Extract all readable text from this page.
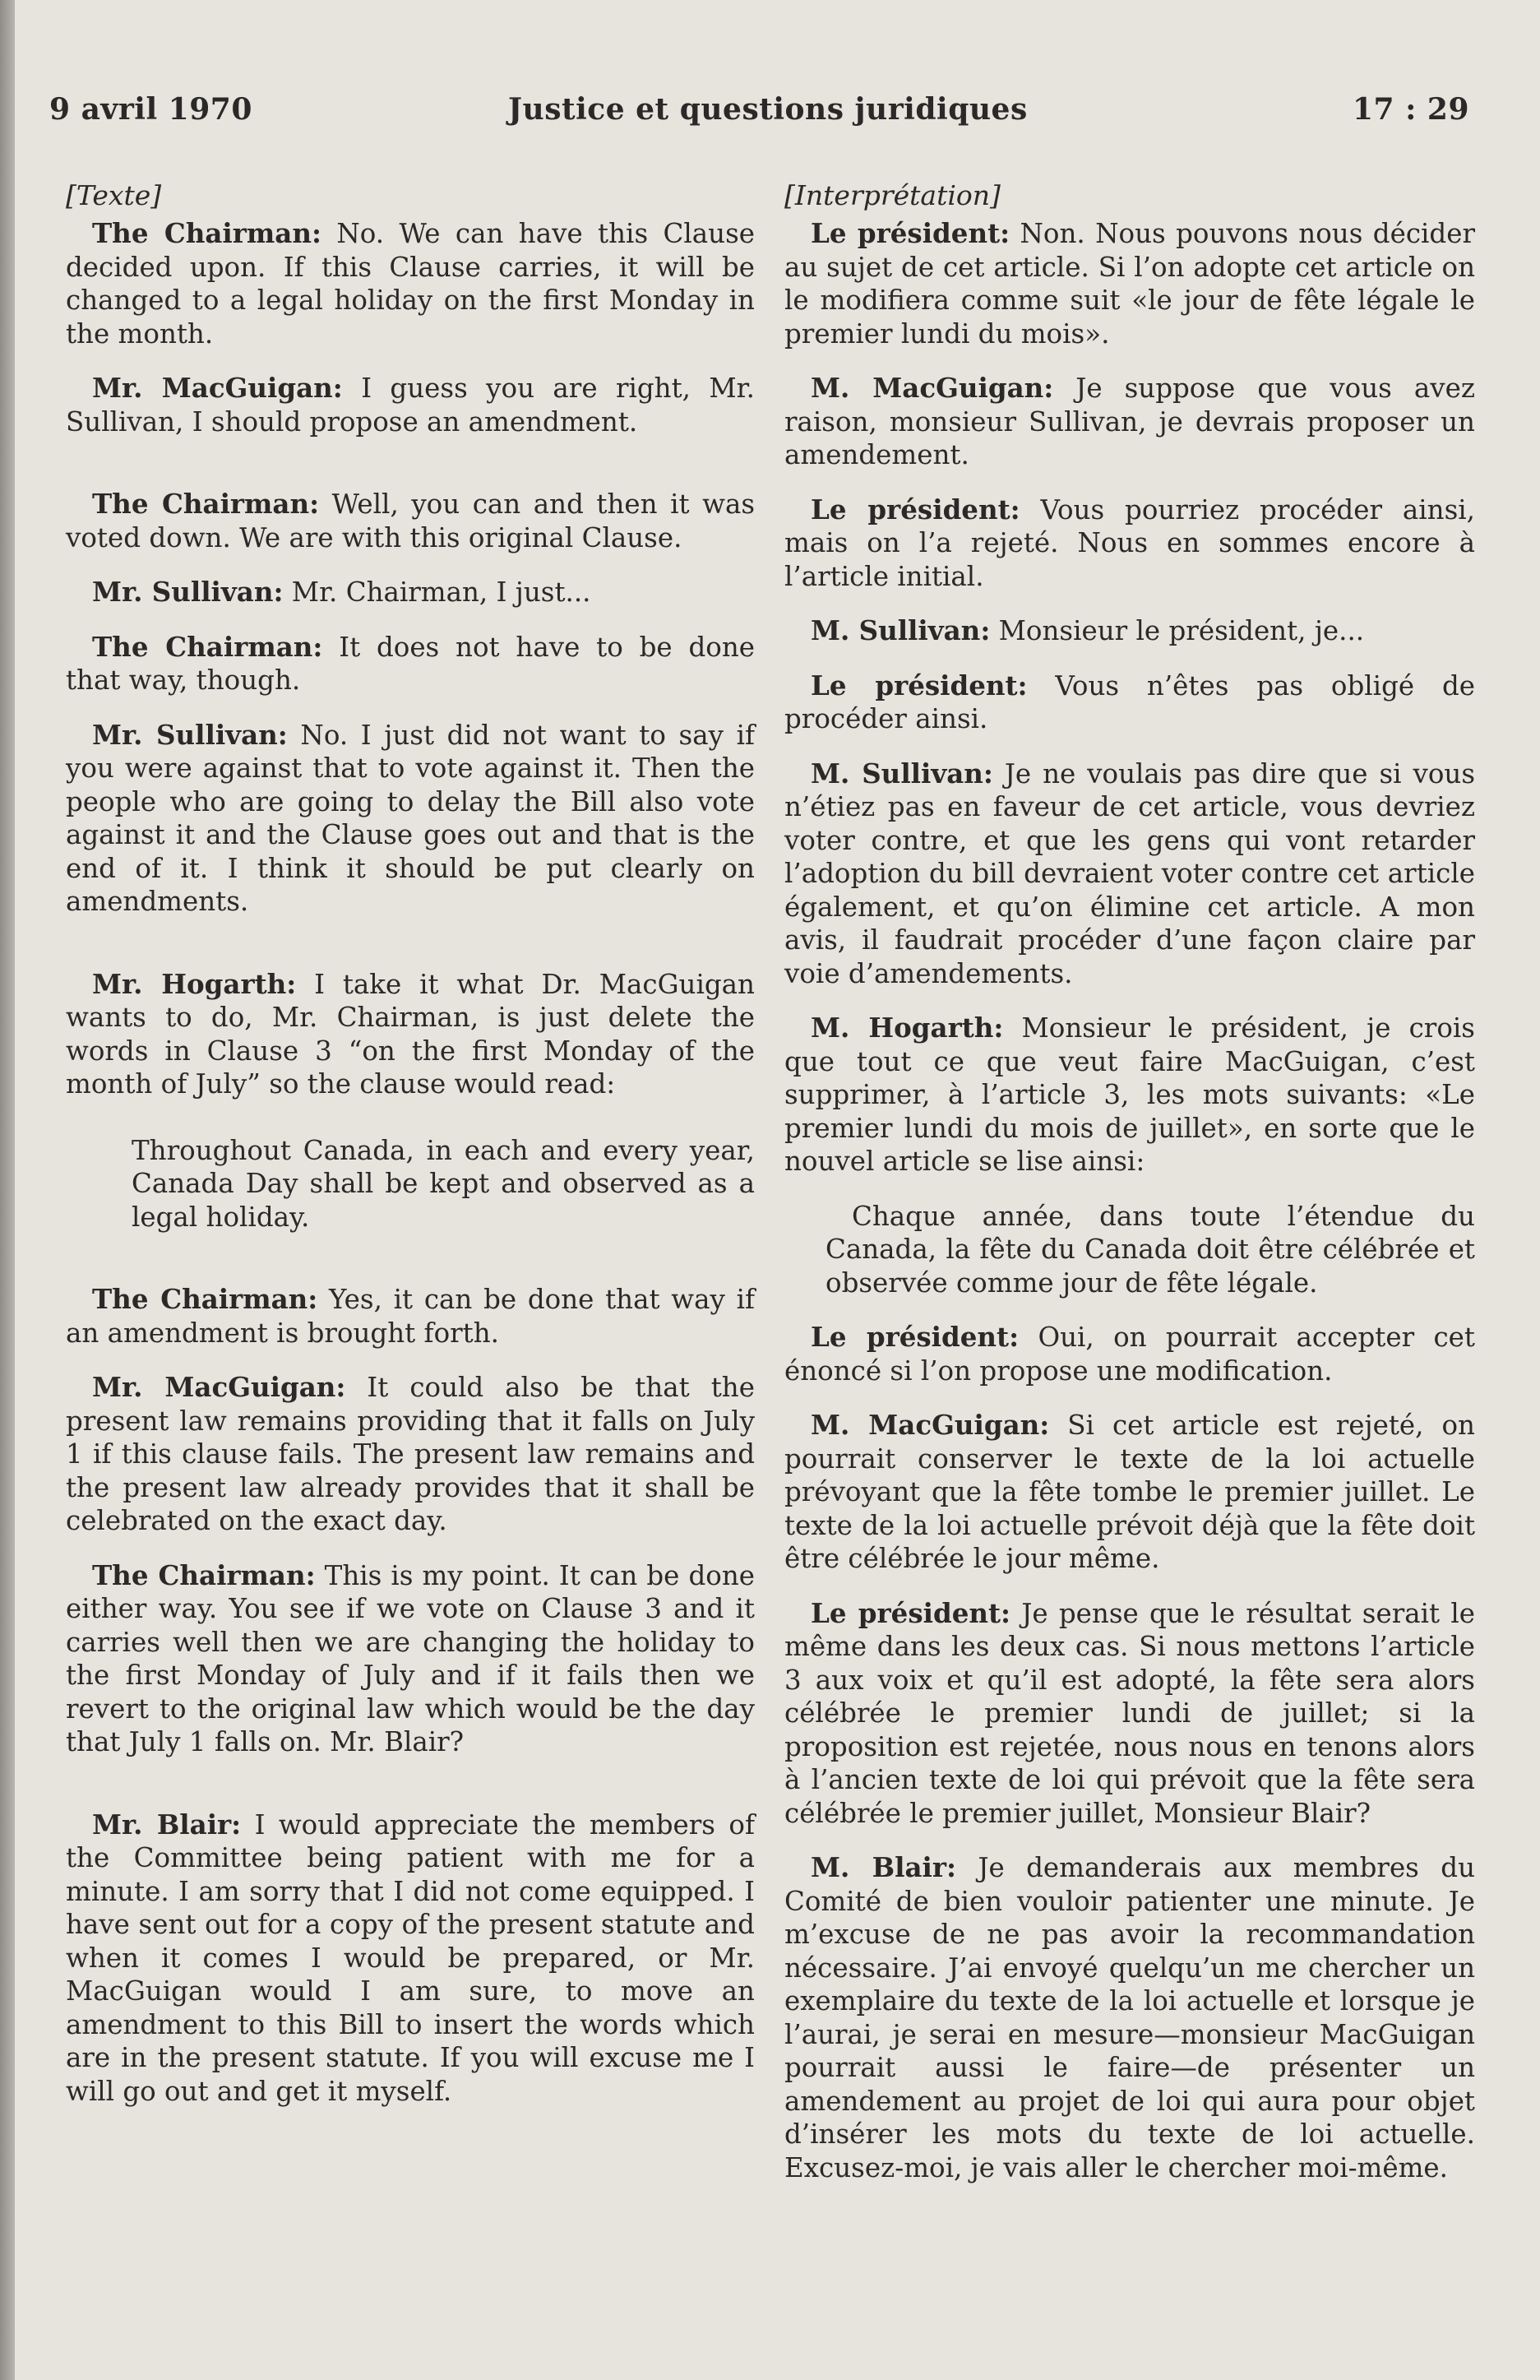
9 avril 1970	Justice et questions juridiques	17 : 29
[Texte]

The Chairman: No. We can have this Clause decided upon. If this Clause carries, it will be changed to a legal holiday on the first Monday in the month.

Mr. MacGuigan: I guess you are right, Mr. Sullivan, I should propose an amendment.

The Chairman: Well, you can and then it was voted down. We are with this original Clause.

Mr. Sullivan: Mr. Chairman, I just...

The Chairman: It does not have to be done that way, though.

Mr. Sullivan: No. I just did not want to say if you were against that to vote against it. Then the people who are going to delay the Bill also vote against it and the Clause goes out and that is the end of it. I think it should be put clearly on amendments.

Mr. Hogarth: I take it what Dr. MacGuigan wants to do, Mr. Chairman, is just delete the words in Clause 3 “on the first Monday of the month of July” so the clause would read:

Throughout Canada, in each and every year, Canada Day shall be kept and observed as a legal holiday.

The Chairman: Yes, it can be done that way if an amendment is brought forth.

Mr. MacGuigan: It could also be that the present law remains providing that it falls on July 1 if this clause fails. The present law remains and the present law already provides that it shall be celebrated on the exact day.

The Chairman: This is my point. It can be done either way. You see if we vote on Clause 3 and it carries well then we are changing the holiday to the first Monday of July and if it fails then we revert to the original law which would be the day that July 1 falls on. Mr. Blair?

Mr. Blair: I would appreciate the members of the Committee being patient with me for a minute. I am sorry that I did not come equipped. I have sent out for a copy of the present statute and when it comes I would be prepared, or Mr. MacGuigan would I am sure, to move an amendment to this Bill to insert the words which are in the present statute. If you will excuse me I will go out and get it myself.

[Interprétation]

Le président: Non. Nous pouvons nous décider au sujet de cet article. Si l’on adopte cet article on le modifiera comme suit «le jour de fête légale le premier lundi du mois».

M. MacGuigan: Je suppose que vous avez raison, monsieur Sullivan, je devrais proposer un amendement.

Le président: Vous pourriez procéder ainsi, mais on l’a rejeté. Nous en sommes encore à l’article initial.

M. Sullivan: Monsieur le président, je...

Le président: Vous n’êtes pas obligé de procéder ainsi.

M. Sullivan: Je ne voulais pas dire que si vous n’étiez pas en faveur de cet article, vous devriez voter contre, et que les gens qui vont retarder l’adoption du bill devraient voter contre cet article également, et qu’on élimine cet article. A mon avis, il faudrait procéder d’une façon claire par voie d’amendements.

M. Hogarth: Monsieur le président, je crois que tout ce que veut faire MacGuigan, c’est supprimer, à l’article 3, les mots suivants: «Le premier lundi du mois de juillet», en sorte que le nouvel article se lise ainsi:

Chaque année, dans toute l’étendue du Canada, la fête du Canada doit être célébrée et observée comme jour de fête légale.

Le président: Oui, on pourrait accepter cet énoncé si l’on propose une modification.

M. MacGuigan: Si cet article est rejeté, on pourrait conserver le texte de la loi actuelle prévoyant que la fête tombe le premier juillet. Le texte de la loi actuelle prévoit déjà que la fête doit être célébrée le jour même.

Le président: Je pense que le résultat serait le même dans les deux cas. Si nous mettons l’article 3 aux voix et qu’il est adopté, la fête sera alors célébrée le premier lundi de juillet; si la proposition est rejetée, nous nous en tenons alors à l’ancien texte de loi qui prévoit que la fête sera célébrée le premier juillet, Monsieur Blair?

M. Blair: Je demanderais aux membres du Comité de bien vouloir patienter une minute. Je m’excuse de ne pas avoir la recommandation nécessaire. J’ai envoyé quelqu’un me chercher un exemplaire du texte de la loi actuelle et lorsque je l’aurai, je serai en mesure—monsieur MacGuigan pourrait aussi le faire—de présenter un amendement au projet de loi qui aura pour objet d’insérer les mots du texte de loi actuelle. Excusez-moi, je vais aller le chercher moi-même.
